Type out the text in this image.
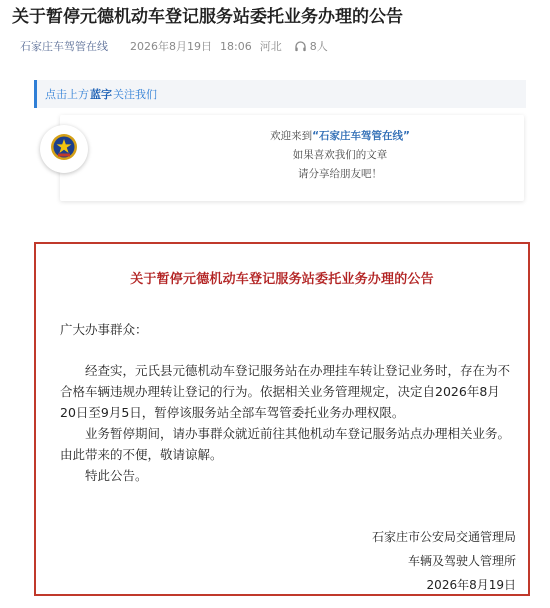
关于暂停元德机动车登记服务站委托业务办理的公告
石家庄车驾管在线 2026年8月19日 18:06 河北	8人
点击上方 蓝字 关注我们
欢迎来到“石家庄车驾管在线”
如果喜欢我们的文章
请分享给朋友吧！
关于暂停元德机动车登记服务站委托业务办理的公告
广大办事群众：

经查实，元氏县元德机动车登记服务站在办理挂车转让登记业务时，存在为不合格车辆违规办理转让登记的行为。依据相关业务管理规定，决定自2026年8月20日至9月5日，暂停该服务站全部车驾管委托业务办理权限。

业务暂停期间，请办事群众就近前往其他机动车登记服务站点办理相关业务。由此带来的不便，敬请谅解。

特此公告。

石家庄市公安局交通管理局
车辆及驾驶人管理所
2026年8月19日
